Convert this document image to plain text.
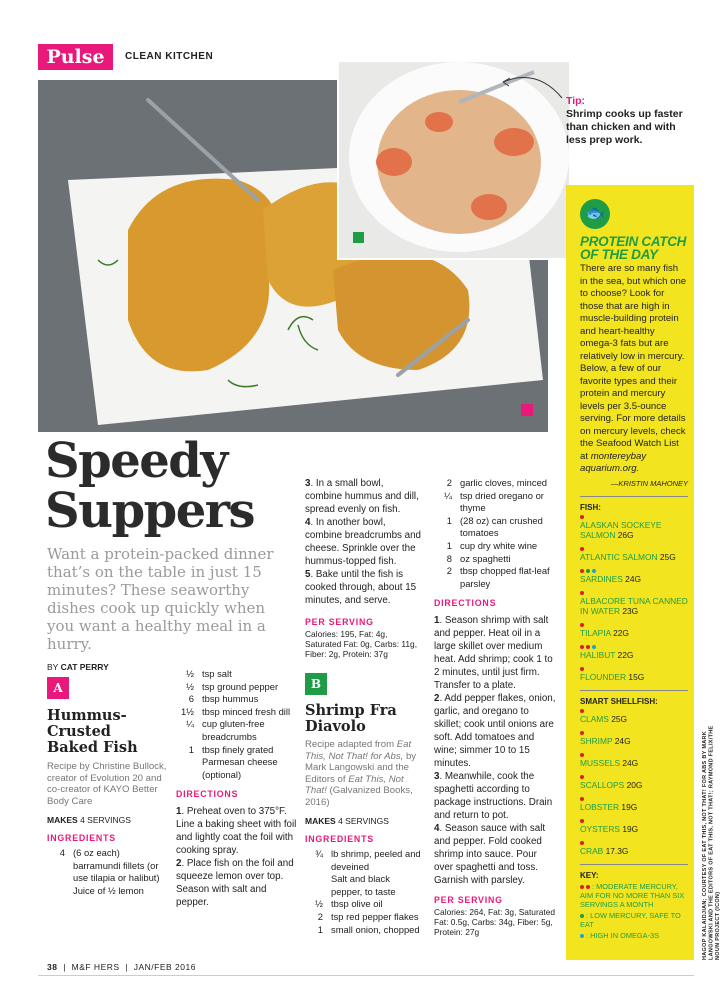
Pulse	CLEAN KITCHEN
Tip:
Shrimp cooks up faster than chicken and with less prep work.
🐟
PROTEIN CATCH OF THE DAY
There are so many fish in the sea, but which one to choose? Look for those that are high in muscle-building protein and heart-healthy omega-3 fats but are relatively low in mercury. Below, a few of our favorite types and their protein and mercury levels per 3.5-ounce serving. For more details on mercury levels, check the Seafood Watch List at montereybay aquarium.org.
—KRISTIN MAHONEY
FISH:
ALASKAN SOCKEYE SALMON 26G
ATLANTIC SALMON 25G
SARDINES 24G
ALBACORE TUNA CANNED IN WATER 23G
TILAPIA 22G
HALIBUT 22G
FLOUNDER 15G
SMART SHELLFISH:
CLAMS 25G
SHRIMP 24G
MUSSELS 24G
SCALLOPS 20G
LOBSTER 19G
OYSTERS 19G
CRAB 17.3G
KEY:
: MODERATE MERCURY, AIM FOR NO MORE THAN SIX SERVINGS A MONTH
: LOW MERCURY, SAFE TO EAT
: HIGH IN OMEGA-3S	HAGOP KALAIDJIAN; COURTESY OF EAT THIS, NOT THAT! FOR ABS BY MARK LANGOWSKI AND THE EDITORS OF EAT THIS, NOT THAT!; RAYMOND FELIX/THE NOUN PROJECT (ICON)
Speedy
Suppers
Want a protein-packed dinner that’s on the table in just 15 minutes? These seaworthy dishes cook up quickly when you want a healthy meal in a hurry.
BY CAT PERRY
A
Hummus-Crusted Baked Fish
Recipe by Christine Bullock, creator of Evolution 20 and co-creator of KAYO Better Body Care
MAKES 4 SERVINGS
INGREDIENTS
4 (6 oz each) barramundi fillets (or use tilapia or halibut)
Juice of ½ lemon
½ tsp salt
½ tsp ground pepper
6 tbsp hummus
1½ tbsp minced fresh dill
¼ cup gluten-free breadcrumbs
1 tbsp finely grated Parmesan cheese (optional)
DIRECTIONS
1. Preheat oven to 375°F. Line a baking sheet with foil and lightly coat the foil with cooking spray.
2. Place fish on the foil and squeeze lemon over top. Season with salt and pepper.
3. In a small bowl, combine hummus and dill, spread evenly on fish.
4. In another bowl, combine breadcrumbs and cheese. Sprinkle over the hummus-topped fish.
5. Bake until the fish is cooked through, about 15 minutes, and serve.
PER SERVING
Calories: 195, Fat: 4g, Saturated Fat: 0g, Carbs: 11g, Fiber: 2g, Protein: 37g
B
Shrimp Fra Diavolo
Recipe adapted from Eat This, Not That! for Abs, by Mark Langowski and the Editors of Eat This, Not That! (Galvanized Books, 2016)
MAKES 4 SERVINGS
INGREDIENTS
¾ lb shrimp, peeled and deveined
Salt and black pepper, to taste
½ tbsp olive oil
2 tsp red pepper flakes
1 small onion, chopped
2 garlic cloves, minced
¼ tsp dried oregano or thyme
1 (28 oz) can crushed tomatoes
1 cup dry white wine
8 oz spaghetti
2 tbsp chopped flat-leaf parsley
DIRECTIONS
1. Season shrimp with salt and pepper. Heat oil in a large skillet over medium heat. Add shrimp; cook 1 to 2 minutes, until just firm. Transfer to a plate.
2. Add pepper flakes, onion, garlic, and oregano to skillet; cook until onions are soft. Add tomatoes and wine; simmer 10 to 15 minutes.
3. Meanwhile, cook the spaghetti according to package instructions. Drain and return to pot.
4. Season sauce with salt and pepper. Fold cooked shrimp into sauce. Pour over spaghetti and toss. Garnish with parsley.
PER SERVING
Calories: 264, Fat: 3g, Saturated Fat: 0.5g, Carbs: 34g, Fiber: 5g, Protein: 27g
38  |  M&F HERS  |  JAN/FEB 2016
